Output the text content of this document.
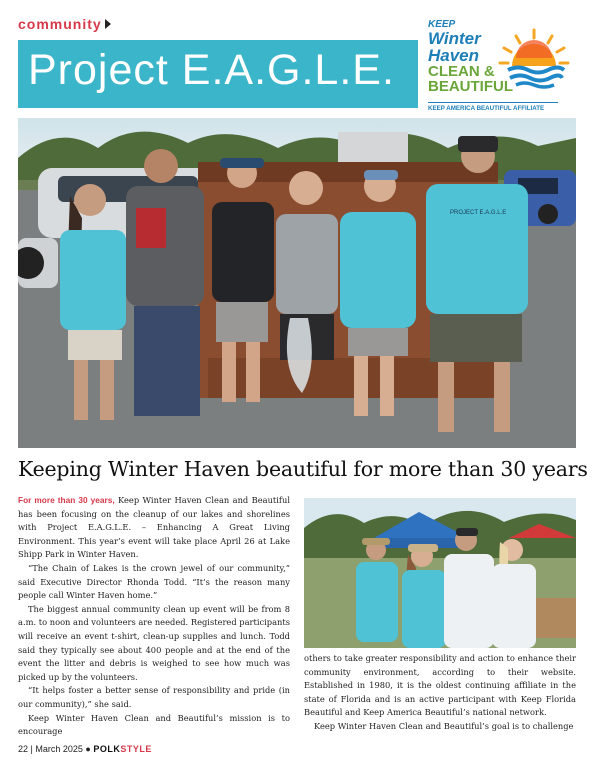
community
Project E.A.G.L.E.
KEEP
Winter
Haven
CLEAN &
BEAUTIFUL
KEEP AMERICA BEAUTIFUL AFFILIATE
PROJECT E.A.G.L.E
Keeping Winter Haven beautiful for more than 30 years

For more than 30 years, Keep Winter Haven Clean and Beautiful has been focusing on the cleanup of our lakes and shorelines with Project E.A.G.L.E. – Enhancing A Great Living Environment. This year’s event will take place April 26 at Lake Shipp Park in Winter Haven.

“The Chain of Lakes is the crown jewel of our community,” said Executive Director Rhonda Todd. “It’s the reason many people call Winter Haven home.”

The biggest annual community clean up event will be from 8 a.m. to noon and volunteers are needed. Registered participants will receive an event t-shirt, clean-up supplies and lunch. Todd said they typically see about 400 people and at the end of the event the litter and debris is weighed to see how much was picked up by the volunteers.

“It helps foster a better sense of responsibility and pride (in our community),” she said.

Keep Winter Haven Clean and Beautiful’s mission is to encourage

others to take greater responsibility and action to enhance their community environment, according to their website. Established in 1980, it is the oldest continuing affiliate in the state of Florida and is an active participant with Keep Florida Beautiful and Keep America Beautiful’s national network.

Keep Winter Haven Clean and Beautiful’s goal is to challenge

22 | March 2025 ● POLKSTYLE
